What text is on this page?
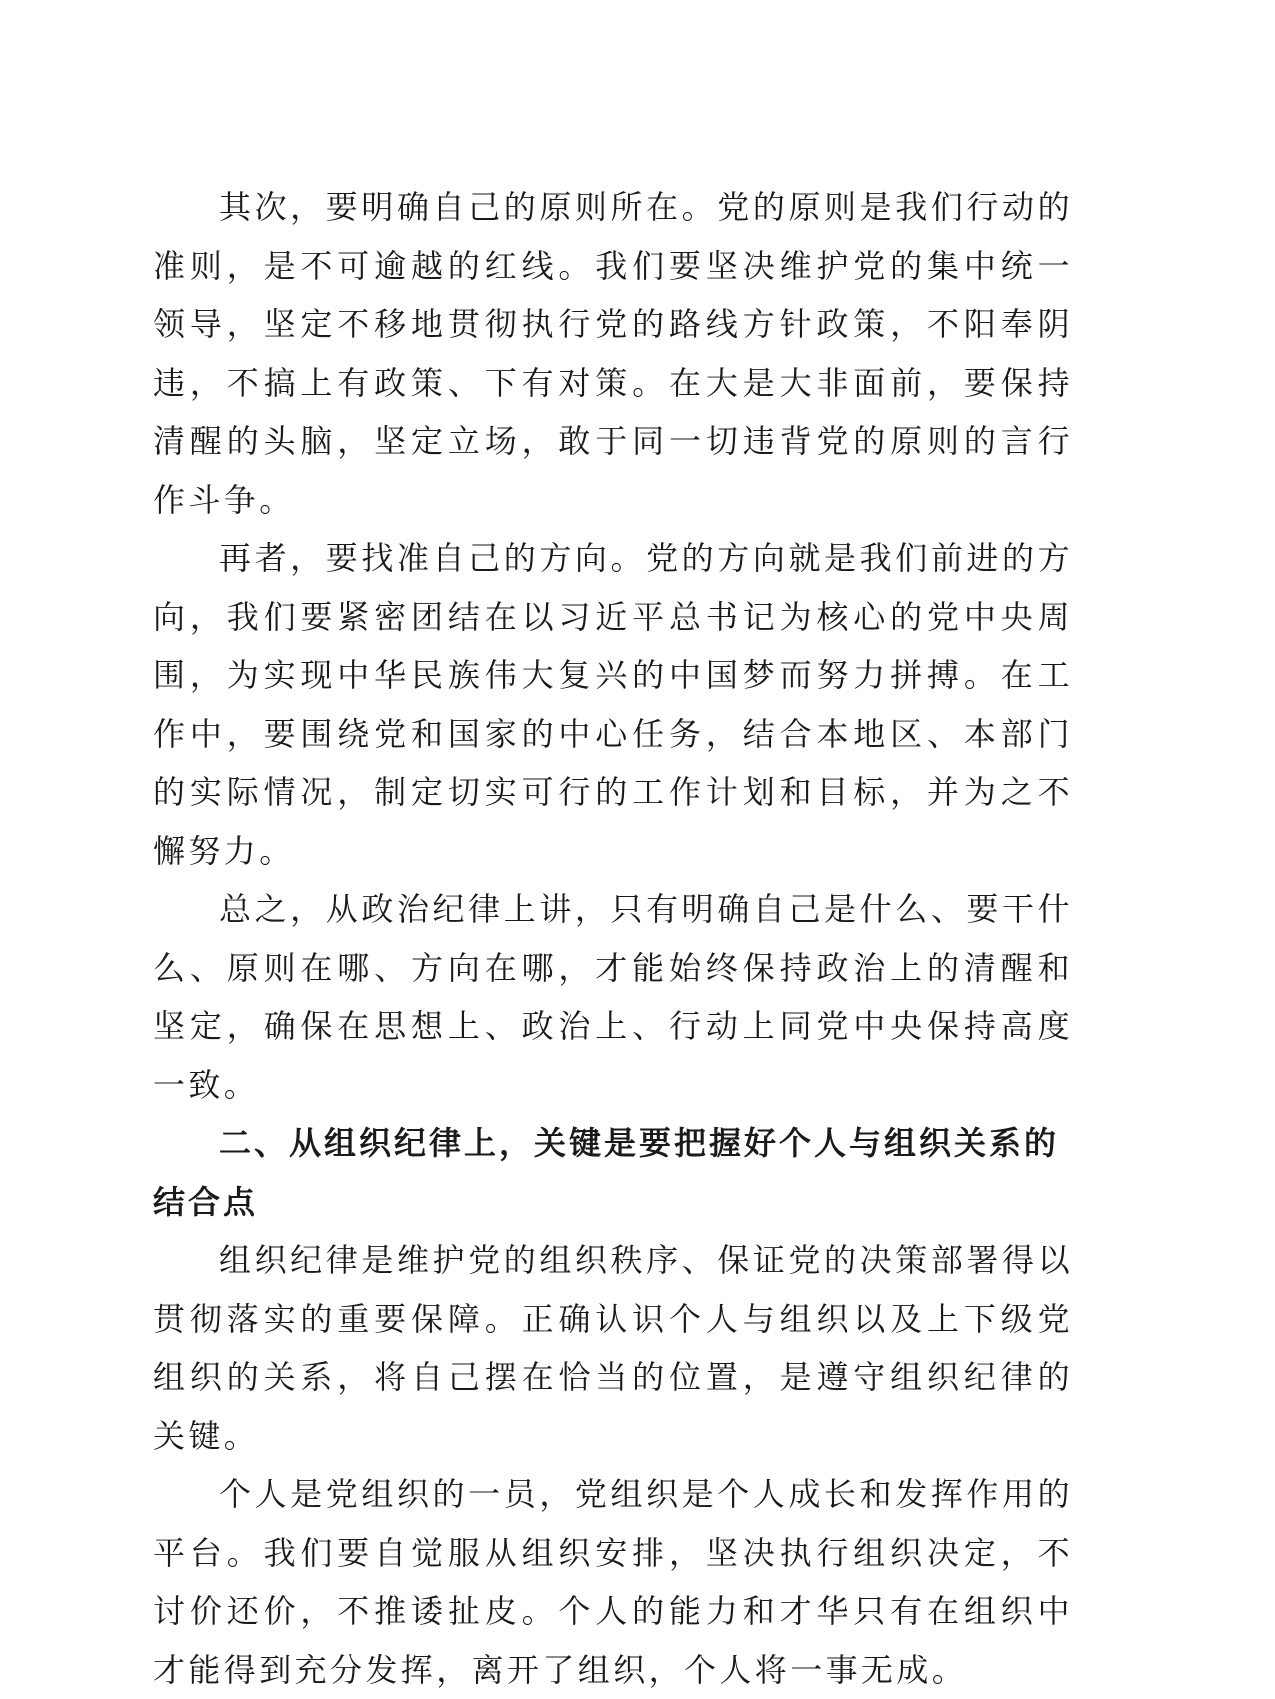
其次，要明确自己的原则所在。党的原则是我们行动的准则，是不可逾越的红线。我们要坚决维护党的集中统一领导，坚定不移地贯彻执行党的路线方针政策，不阳奉阴违，不搞上有政策、下有对策。在大是大非面前，要保持清醒的头脑，坚定立场，敢于同一切违背党的原则的言行作斗争。

再者，要找准自己的方向。党的方向就是我们前进的方向，我们要紧密团结在以习近平总书记为核心的党中央周围，为实现中华民族伟大复兴的中国梦而努力拼搏。在工作中，要围绕党和国家的中心任务，结合本地区、本部门的实际情况，制定切实可行的工作计划和目标，并为之不懈努力。

总之，从政治纪律上讲，只有明确自己是什么、要干什么、原则在哪、方向在哪，才能始终保持政治上的清醒和坚定，确保在思想上、政治上、行动上同党中央保持高度一致。

二、从组织纪律上，关键是要把握好个人与组织关系的结合点

组织纪律是维护党的组织秩序、保证党的决策部署得以贯彻落实的重要保障。正确认识个人与组织以及上下级党组织的关系，将自己摆在恰当的位置，是遵守组织纪律的关键。

个人是党组织的一员，党组织是个人成长和发挥作用的平台。我们要自觉服从组织安排，坚决执行组织决定，不讨价还价，不推诿扯皮。个人的能力和才华只有在组织中才能得到充分发挥，离开了组织，个人将一事无成。
